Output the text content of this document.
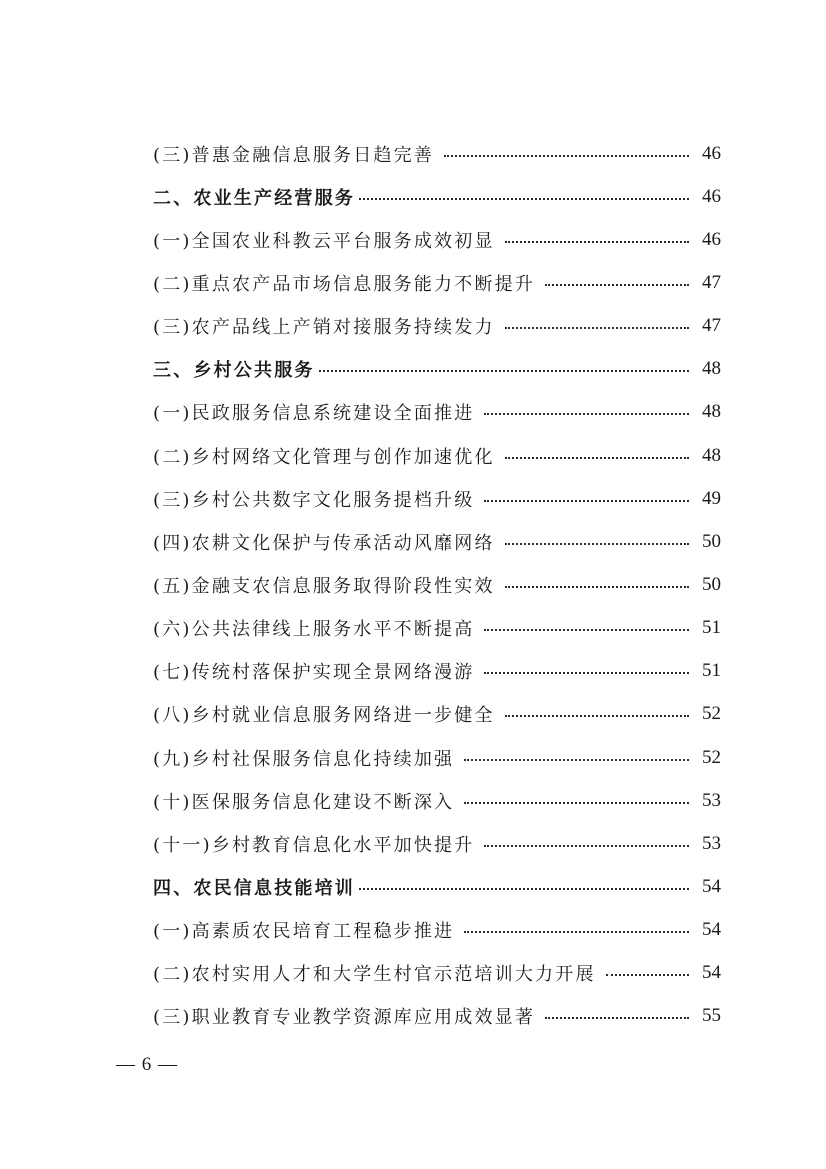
(三)普惠金融信息服务日趋完善	46
二、农业生产经营服务	46
(一)全国农业科教云平台服务成效初显	46
(二)重点农产品市场信息服务能力不断提升	47
(三)农产品线上产销对接服务持续发力	47
三、乡村公共服务	48
(一)民政服务信息系统建设全面推进	48
(二)乡村网络文化管理与创作加速优化	48
(三)乡村公共数字文化服务提档升级	49
(四)农耕文化保护与传承活动风靡网络	50
(五)金融支农信息服务取得阶段性实效	50
(六)公共法律线上服务水平不断提高	51
(七)传统村落保护实现全景网络漫游	51
(八)乡村就业信息服务网络进一步健全	52
(九)乡村社保服务信息化持续加强	52
(十)医保服务信息化建设不断深入	53
(十一)乡村教育信息化水平加快提升	53
四、农民信息技能培训	54
(一)高素质农民培育工程稳步推进	54
(二)农村实用人才和大学生村官示范培训大力开展	54
(三)职业教育专业教学资源库应用成效显著	55
— 6 —
